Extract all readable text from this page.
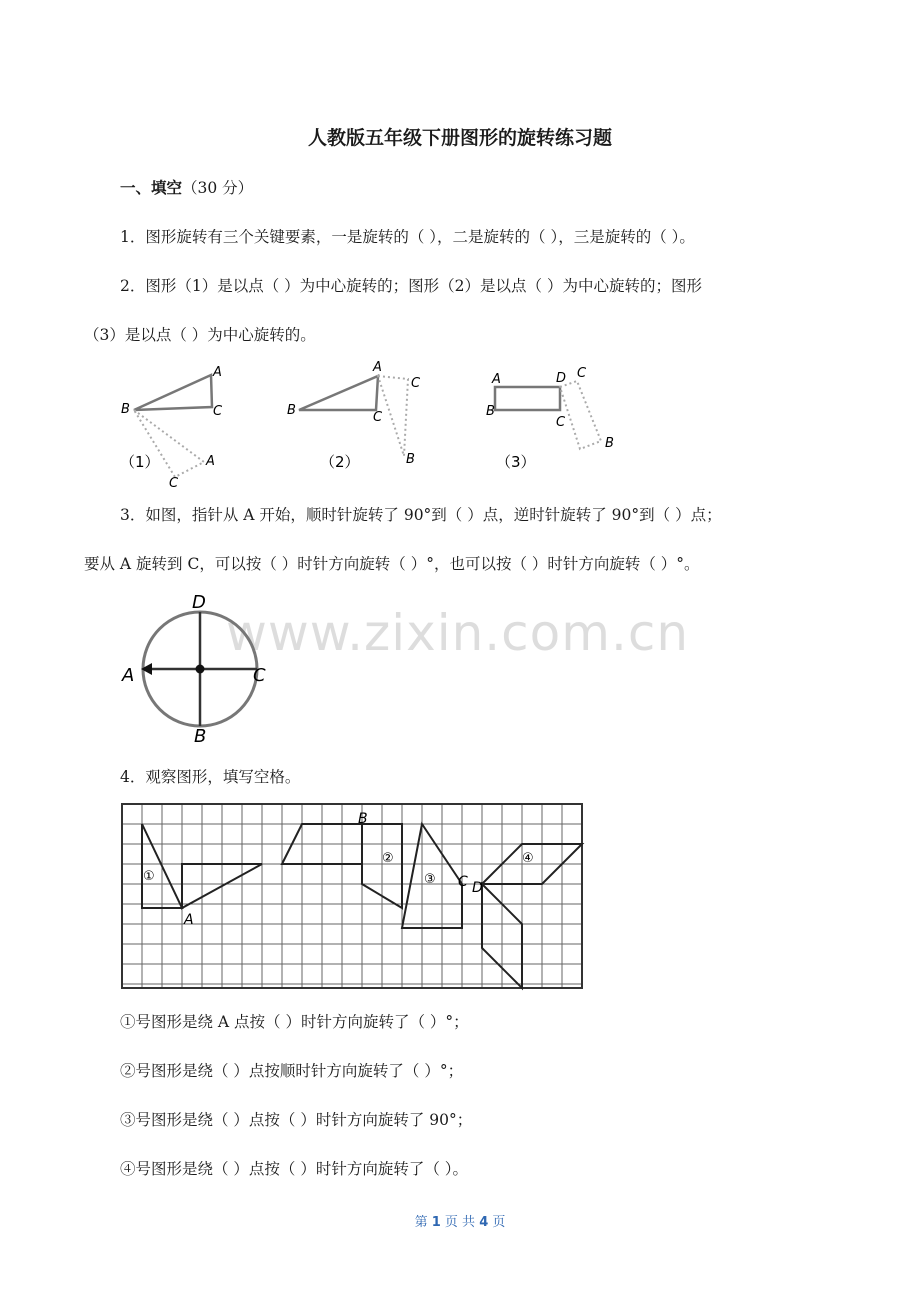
人教版五年级下册图形的旋转练习题
一、填空（30 分）
1．图形旋转有三个关键要素，一是旋转的（ ），二是旋转的（ ），三是旋转的（ ）。
2．图形（1）是以点（ ）为中心旋转的；图形（2）是以点（ ）为中心旋转的；图形
（3）是以点（ ）为中心旋转的。
A
B	C
A
C
（1）
A
B	C
C
B
（2）
A
B
D
C
C
B
（3）
3．如图，指针从 A 开始，顺时针旋转了 90°到（ ）点，逆时针旋转了 90°到（ ）点；
要从 A 旋转到 C，可以按（ ）时针方向旋转（ ）°，也可以按（ ）时针方向旋转（ ）°。
www.zixin.com.cn
D
A	C
B
4．观察图形，填写空格。
①
②
③
④
A
B
C D
①号图形是绕 A 点按（ ）时针方向旋转了（ ）°；
②号图形是绕（ ）点按顺时针方向旋转了（ ）°；
③号图形是绕（ ）点按（ ）时针方向旋转了 90°；
④号图形是绕（ ）点按（ ）时针方向旋转了（ ）。
第 1 页 共 4 页
